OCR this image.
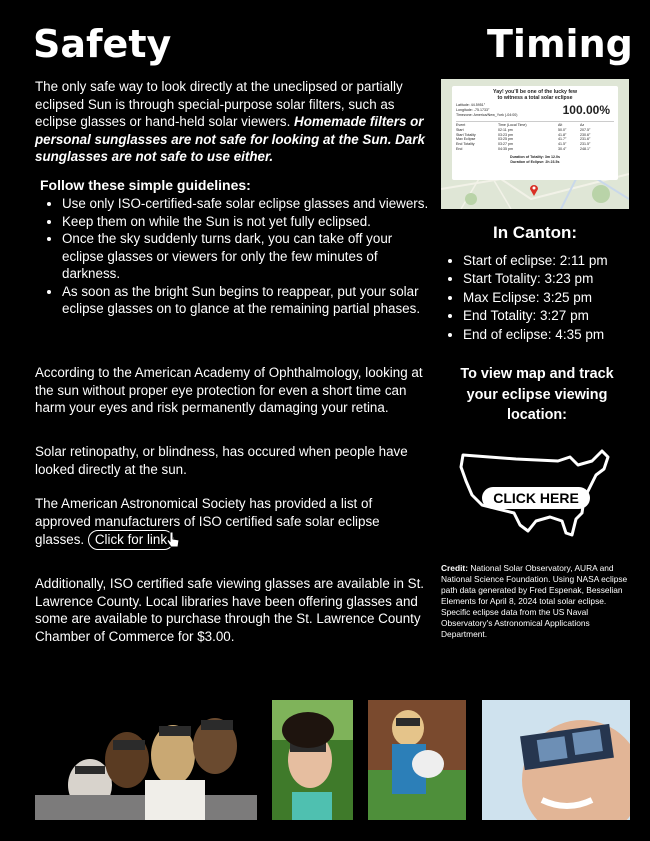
Safety
The only safe way to look directly at the uneclipsed or partially eclipsed Sun is through special-purpose solar filters, such as eclipse glasses or hand-held solar viewers. Homemade filters or personal sunglasses are not safe for looking at the Sun. Dark sunglasses are not safe to use either.
Follow these simple guidelines:
• Use only ISO-certified-safe solar eclipse glasses and viewers.
• Keep them on while the Sun is not yet fully eclipsed.
• Once the sky suddenly turns dark, you can take off your eclipse glasses or viewers for only the few minutes of darkness.
• As soon as the bright Sun begins to reappear, put your solar eclipse glasses on to glance at the remaining partial phases.

According to the American Academy of Ophthalmology, looking at the sun without proper eye protection for even a short time can harm your eyes and risk permanently damaging your retina.

Solar retinopathy, or blindness, has occured when people have looked directly at the sun.

The American Astronomical Society has provided a list of approved manufacturers of ISO certified safe solar eclipse glasses. Click for link

Additionally, ISO certified safe viewing glasses are available in St. Lawrence County. Local libraries have been offering glasses and some are available to purchase through the St. Lawrence County Chamber of Commerce for $3.00.

Timing
Yay! you'll be one of the lucky few
to witness a total solar eclipse
Latitude: 44.5951°
Longitude: -75.1733°
Timezone: America/New_York (-04:00)	100.00%
Event	Time (Local Time)	Alt	Az
Start	02:11 pm	50.0°	207.5°
Start Totality	03:23 pm	41.8°	230.6°
Max Eclipse	03:25 pm	41.7°	231.6°
End Totality	03:27 pm	41.5°	231.5°
End	04:35 pm	30.4°	248.1°
Duration of Totality: 3m 12.0s
Duration of Eclipse: 2h 23.5s
In Canton:
• Start of eclipse: 2:11 pm
• Start Totality: 3:23 pm
• Max Eclipse: 3:25 pm
• End Totality: 3:27 pm
• End of eclipse: 4:35 pm
To view map and track your eclipse viewing location:
CLICK HERE
Credit: National Solar Observatory, AURA and National Science Foundation. Using NASA eclipse path data generated by Fred Espenak, Besselian Elements for April 8, 2024 total solar eclipse. Specific eclipse data from the US Naval Observatory's Astronomical Applications Department.
